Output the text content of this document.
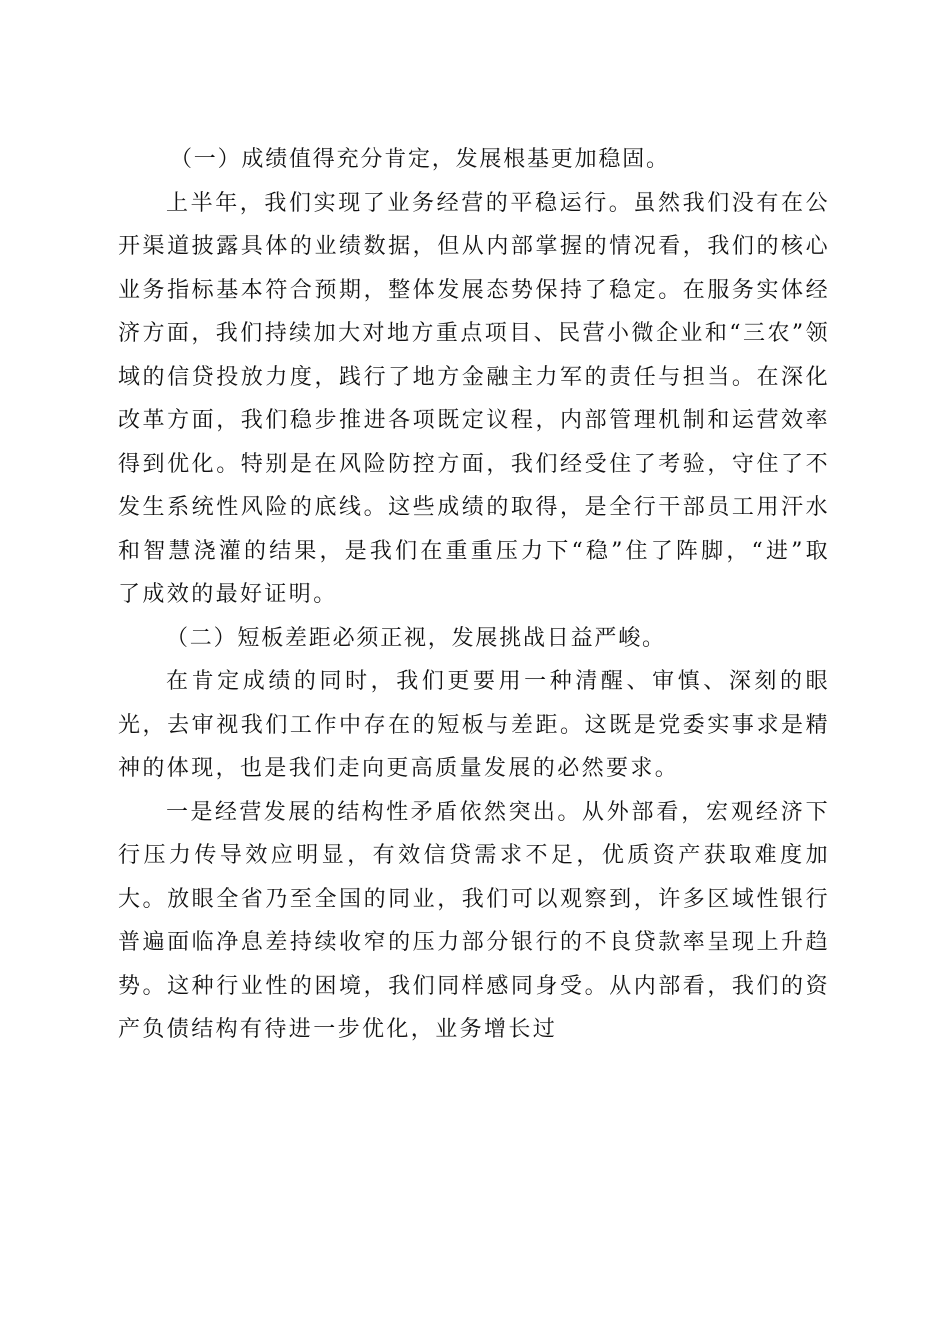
（一）成绩值得充分肯定，发展根基更加稳固。

上半年，我们实现了业务经营的平稳运行。虽然我们没有在公开渠道披露具体的业绩数据，但从内部掌握的情况看，我们的核心业务指标基本符合预期，整体发展态势保持了稳定。在服务实体经济方面，我们持续加大对地方重点项目、民营小微企业和“三农”领域的信贷投放力度，践行了地方金融主力军的责任与担当。在深化改革方面，我们稳步推进各项既定议程，内部管理机制和运营效率得到优化。特别是在风险防控方面，我们经受住了考验，守住了不发生系统性风险的底线。这些成绩的取得，是全行干部员工用汗水和智慧浇灌的结果，是我们在重重压力下“稳”住了阵脚，“进”取了成效的最好证明。

（二）短板差距必须正视，发展挑战日益严峻。

在肯定成绩的同时，我们更要用一种清醒、审慎、深刻的眼光，去审视我们工作中存在的短板与差距。这既是党委实事求是精神的体现，也是我们走向更高质量发展的必然要求。

一是经营发展的结构性矛盾依然突出。从外部看，宏观经济下行压力传导效应明显，有效信贷需求不足，优质资产获取难度加大。放眼全省乃至全国的同业，我们可以观察到，许多区域性银行普遍面临净息差持续收窄的压力部分银行的不良贷款率呈现上升趋势。这种行业性的困境，我们同样感同身受。从内部看，我们的资产负债结构有待进一步优化，业务增长过
